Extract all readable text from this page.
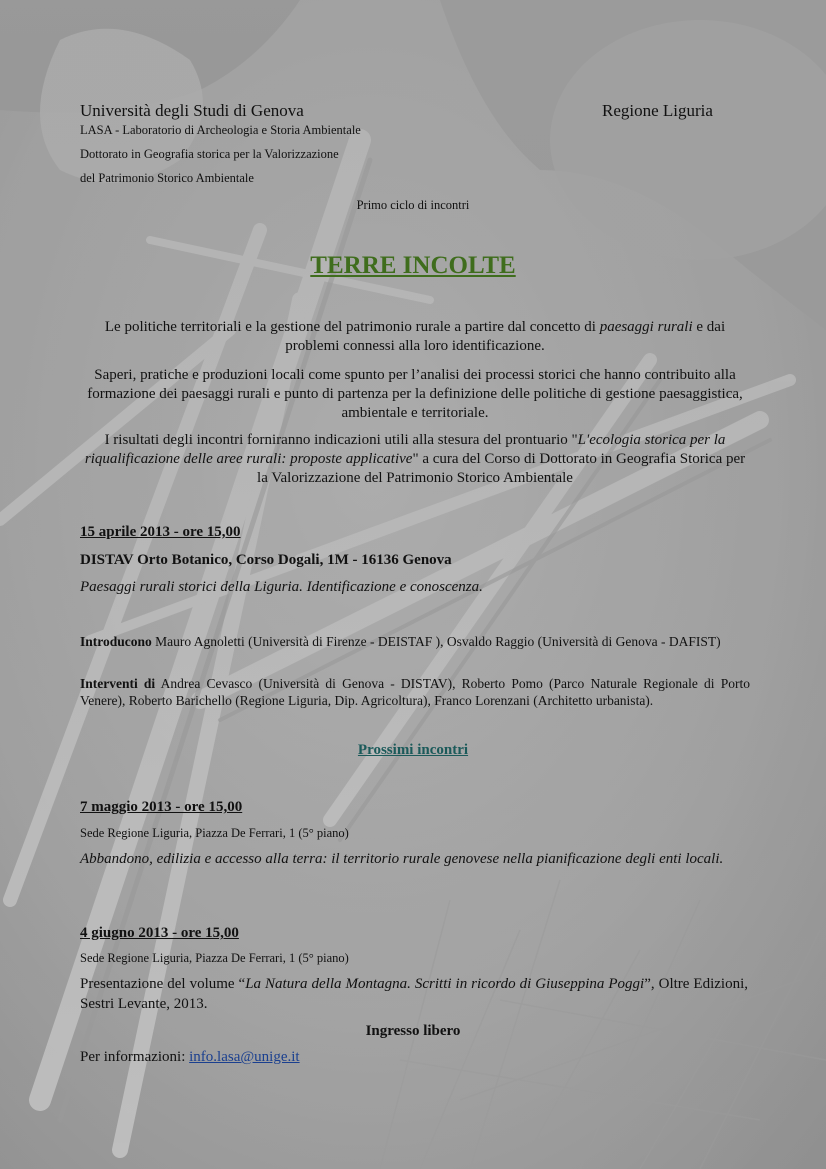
Università degli Studi di Genova	Regione Liguria

LASA - Laboratorio di Archeologia e Storia Ambientale

Dottorato in Geografia storica per la Valorizzazione

del Patrimonio Storico Ambientale

Primo ciclo di incontri

TERRE INCOLTE

Le politiche territoriali e la gestione del patrimonio rurale a partire dal concetto di paesaggi rurali e dai problemi connessi alla loro identificazione.

Saperi, pratiche e produzioni locali come spunto per l’analisi dei processi storici che hanno contribuito alla formazione dei paesaggi rurali e punto di partenza per la definizione delle politiche di gestione paesaggistica, ambientale e territoriale.

I risultati degli incontri forniranno indicazioni utili alla stesura del prontuario "L'ecologia storica per la riqualificazione delle aree rurali: proposte applicative" a cura del Corso di Dottorato in Geografia Storica per la Valorizzazione del Patrimonio Storico Ambientale

15 aprile 2013 - ore 15,00

DISTAV Orto Botanico, Corso Dogali, 1M - 16136 Genova

Paesaggi rurali storici della Liguria. Identificazione e conoscenza.

Introducono Mauro Agnoletti (Università di Firenze - DEISTAF ), Osvaldo Raggio (Università di Genova - DAFIST)

Interventi di Andrea Cevasco (Università di Genova - DISTAV), Roberto Pomo (Parco Naturale Regionale di Porto Venere), Roberto Barichello (Regione Liguria, Dip. Agricoltura), Franco Lorenzani (Architetto urbanista).

Prossimi incontri

7 maggio 2013 - ore 15,00

Sede Regione Liguria, Piazza De Ferrari, 1 (5° piano)

Abbandono, edilizia e accesso alla terra: il territorio rurale genovese nella pianificazione degli enti locali.

4 giugno 2013 - ore 15,00

Sede Regione Liguria, Piazza De Ferrari, 1 (5° piano)

Presentazione del volume “La Natura della Montagna. Scritti in ricordo di Giuseppina Poggi”, Oltre Edizioni, Sestri Levante, 2013.

Ingresso libero

Per informazioni: info.lasa@unige.it
